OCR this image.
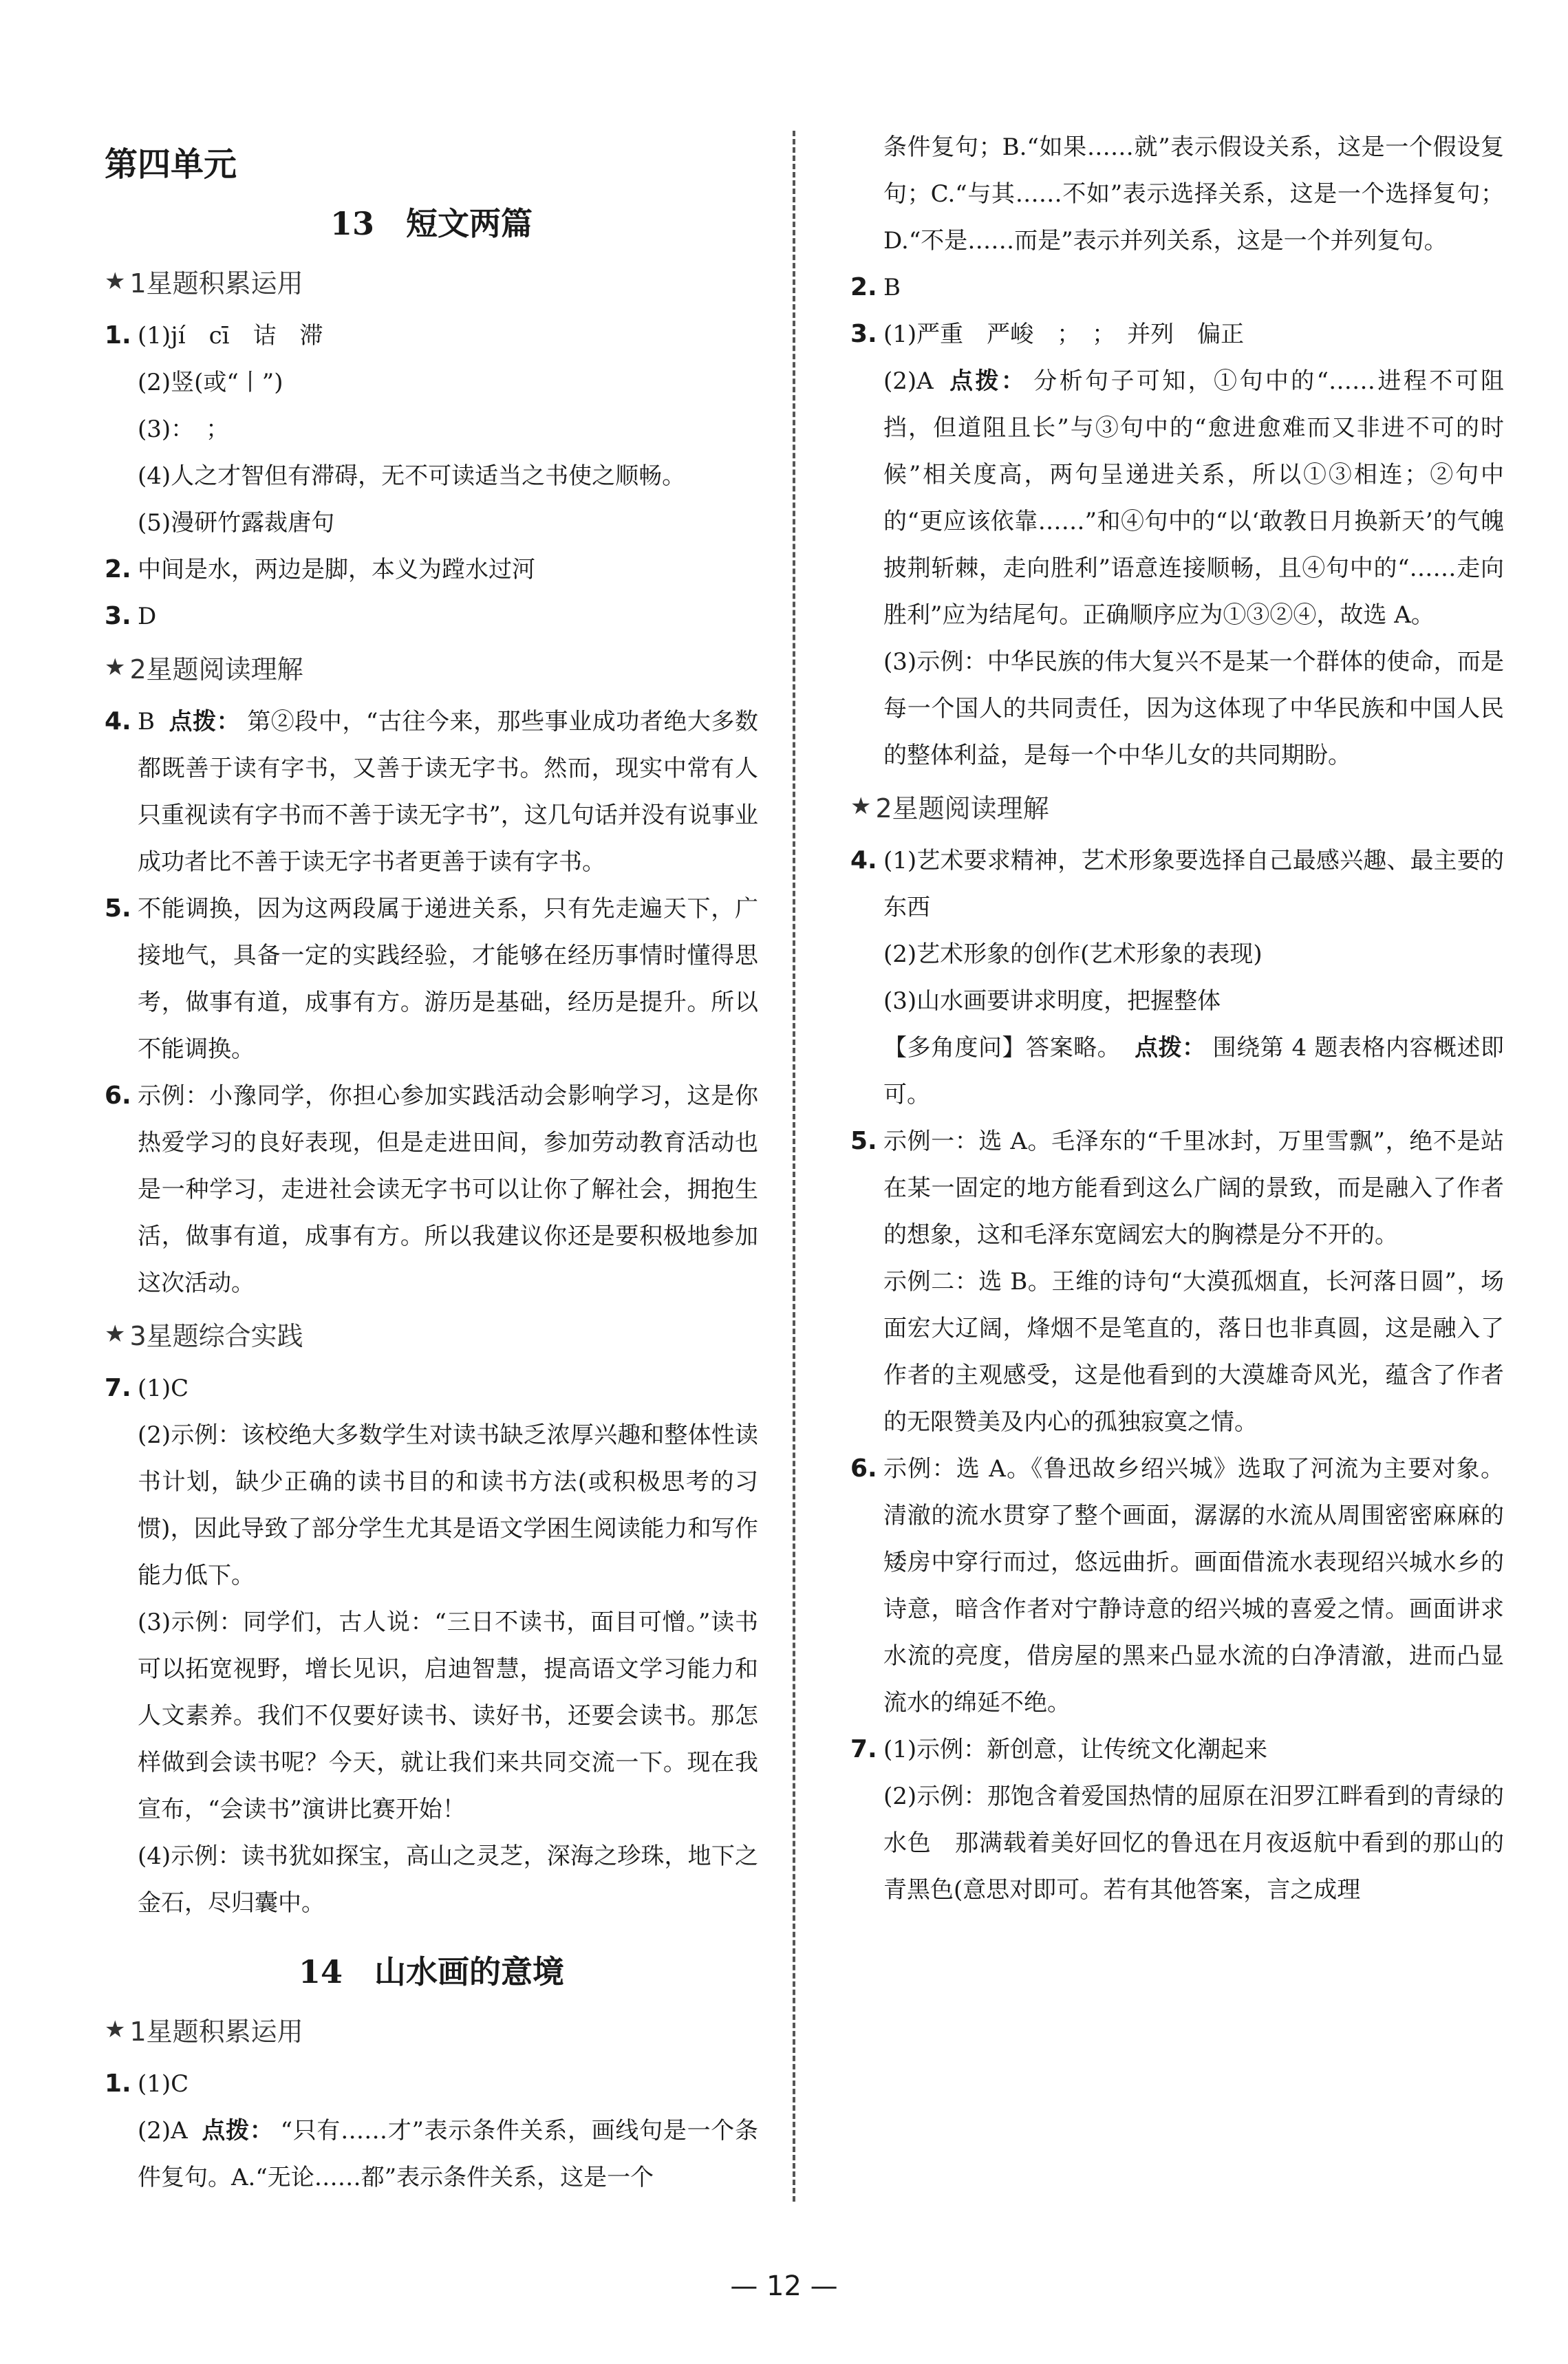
第四单元
13　短文两篇
★ 1星题积累运用
1. (1)jí　cī　诘　滞

(2)竖(或“丨”)

(3)：　；

(4)人之才智但有滞碍，无不可读适当之书使之顺畅。

(5)漫研竹露裁唐句

2. 中间是水，两边是脚，本义为蹚水过河

3. D

★ 2星题阅读理解
4. B 点拨： 第②段中，“古往今来，那些事业成功者绝大多数都既善于读有字书，又善于读无字书。然而，现实中常有人只重视读有字书而不善于读无字书”，这几句话并没有说事业成功者比不善于读无字书者更善于读有字书。

5. 不能调换，因为这两段属于递进关系，只有先走遍天下，广接地气，具备一定的实践经验，才能够在经历事情时懂得思考，做事有道，成事有方。游历是基础，经历是提升。所以不能调换。

6. 示例：小豫同学，你担心参加实践活动会影响学习，这是你热爱学习的良好表现，但是走进田间，参加劳动教育活动也是一种学习，走进社会读无字书可以让你了解社会，拥抱生活，做事有道，成事有方。所以我建议你还是要积极地参加这次活动。

★ 3星题综合实践
7. (1)C

(2)示例：该校绝大多数学生对读书缺乏浓厚兴趣和整体性读书计划，缺少正确的读书目的和读书方法(或积极思考的习惯)，因此导致了部分学生尤其是语文学困生阅读能力和写作能力低下。

(3)示例：同学们，古人说：“三日不读书，面目可憎。”读书可以拓宽视野，增长见识，启迪智慧，提高语文学习能力和人文素养。我们不仅要好读书、读好书，还要会读书。那怎样做到会读书呢？今天，就让我们来共同交流一下。现在我宣布，“会读书”演讲比赛开始！

(4)示例：读书犹如探宝，高山之灵芝，深海之珍珠，地下之金石，尽归囊中。

14　山水画的意境
★ 1星题积累运用
1. (1)C

(2)A 点拨： “只有……才”表示条件关系，画线句是一个条件复句。A.“无论……都”表示条件关系，这是一个

条件复句；B.“如果……就”表示假设关系，这是一个假设复句；C.“与其……不如”表示选择关系，这是一个选择复句；D.“不是……而是”表示并列关系，这是一个并列复句。

2. B

3. (1)严重　严峻　；　；　并列　偏正

(2)A 点拨： 分析句子可知，①句中的“……进程不可阻挡，但道阻且长”与③句中的“愈进愈难而又非进不可的时候”相关度高，两句呈递进关系，所以①③相连；②句中的“更应该依靠……”和④句中的“以‘敢教日月换新天’的气魄披荆斩棘，走向胜利”语意连接顺畅，且④句中的“……走向胜利”应为结尾句。正确顺序应为①③②④，故选 A。

(3)示例：中华民族的伟大复兴不是某一个群体的使命，而是每一个国人的共同责任，因为这体现了中华民族和中国人民的整体利益，是每一个中华儿女的共同期盼。

★ 2星题阅读理解
4. (1)艺术要求精神，艺术形象要选择自己最感兴趣、最主要的东西

(2)艺术形象的创作(艺术形象的表现)

(3)山水画要讲求明度，把握整体

【多角度问】答案略。 点拨： 围绕第 4 题表格内容概述即可。

5. 示例一：选 A。毛泽东的“千里冰封，万里雪飘”，绝不是站在某一固定的地方能看到这么广阔的景致，而是融入了作者的想象，这和毛泽东宽阔宏大的胸襟是分不开的。

示例二：选 B。王维的诗句“大漠孤烟直，长河落日圆”，场面宏大辽阔，烽烟不是笔直的，落日也非真圆，这是融入了作者的主观感受，这是他看到的大漠雄奇风光，蕴含了作者的无限赞美及内心的孤独寂寞之情。

6. 示例：选 A。《鲁迅故乡绍兴城》选取了河流为主要对象。清澈的流水贯穿了整个画面，潺潺的水流从周围密密麻麻的矮房中穿行而过，悠远曲折。画面借流水表现绍兴城水乡的诗意，暗含作者对宁静诗意的绍兴城的喜爱之情。画面讲求水流的亮度，借房屋的黑来凸显水流的白净清澈，进而凸显流水的绵延不绝。

7. (1)示例：新创意，让传统文化潮起来

(2)示例：那饱含着爱国热情的屈原在汨罗江畔看到的青绿的水色　那满载着美好回忆的鲁迅在月夜返航中看到的那山的青黑色(意思对即可。若有其他答案，言之成理

— 12 —
